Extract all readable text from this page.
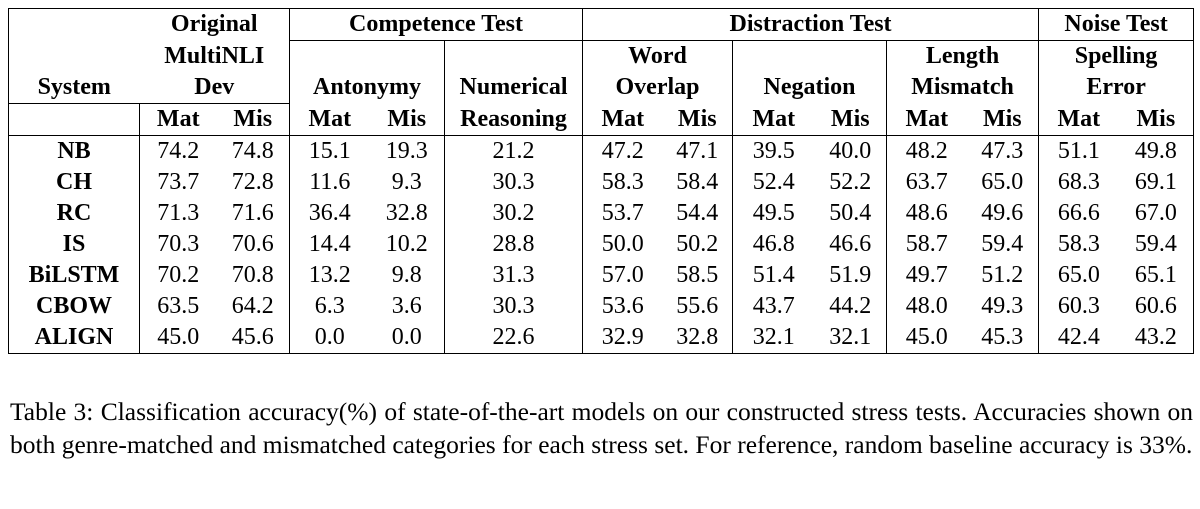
	Original		Competence Test			Distraction Test						Noise Test	
	MultiNLI					Word				Length		Spelling	
System	Dev		Antonymy		Numerical	Overlap		Negation		Mismatch		Error	
	Mat	Mis	Mat	Mis	Reasoning	Mat	Mis	Mat	Mis	Mat	Mis	Mat	Mis
NB	74.2	74.8	15.1	19.3	21.2	47.2	47.1	39.5	40.0	48.2	47.3	51.1	49.8
CH	73.7	72.8	11.6	9.3	30.3	58.3	58.4	52.4	52.2	63.7	65.0	68.3	69.1
RC	71.3	71.6	36.4	32.8	30.2	53.7	54.4	49.5	50.4	48.6	49.6	66.6	67.0
IS	70.3	70.6	14.4	10.2	28.8	50.0	50.2	46.8	46.6	58.7	59.4	58.3	59.4
BiLSTM	70.2	70.8	13.2	9.8	31.3	57.0	58.5	51.4	51.9	49.7	51.2	65.0	65.1
CBOW	63.5	64.2	6.3	3.6	30.3	53.6	55.6	43.7	44.2	48.0	49.3	60.3	60.6
ALIGN	45.0	45.6	0.0	0.0	22.6	32.9	32.8	32.1	32.1	45.0	45.3	42.4	43.2
Table 3: Classification accuracy(%) of state-of-the-art models on our constructed stress tests. Accuracies shown on both genre-matched and mismatched categories for each stress set. For reference, random baseline accuracy is 33%.
